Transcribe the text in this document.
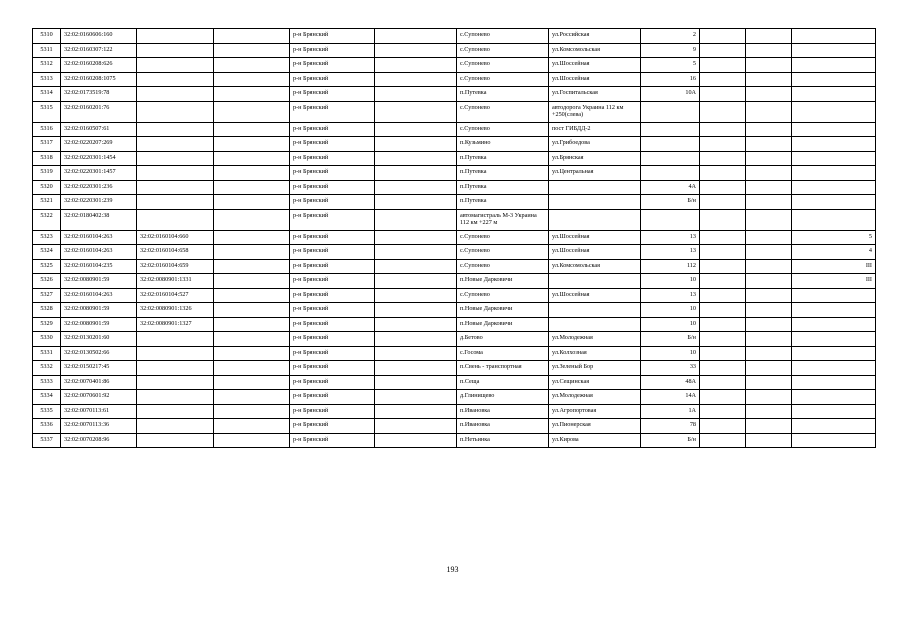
5310	32:02:0160606:160			р-н Брянский		с.Супонево	ул.Российская	2			
5311	32:02:0160307:122			р-н Брянский		с.Супонево	ул.Комсомольская	9			
5312	32:02:0160208:626			р-н Брянский		с.Супонево	ул.Шоссейная	5			
5313	32:02:0160208:1075			р-н Брянский		с.Супонево	ул.Шоссейная	16			
5314	32:02:0173519:78			р-н Брянский		п.Путевка	ул.Госпитальская	10А			
5315	32:02:0160201:76			р-н Брянский		с.Супонево	автодорога Украина 112 км +250(слева)				
5316	32:02:0160507:61			р-н Брянский		с.Супонево	пост ГИБДД-2				
5317	32:02:0220207:269			р-н Брянский		п.Кузьмино	ул.Грибоедова				
5318	32:02:0220301:1454			р-н Брянский		п.Путевка	ул.Брянская				
5319	32:02:0220301:1457			р-н Брянский		п.Путевка	ул.Центральная				
5320	32:02:0220301:236			р-н Брянский		п.Путевка		4А			
5321	32:02:0220301:239			р-н Брянский		п.Путевка		Б/н			
5322	32:02:0180402:38			р-н Брянский		автомагистраль М-3 Украина 112 км +227 м					
5323	32:02:0160104:263	32:02:0160104:660		р-н Брянский		с.Супонево	ул.Шоссейная	13			5
5324	32:02:0160104:263	32:02:0160104:658		р-н Брянский		с.Супонево	ул.Шоссейная	13			4
5325	32:02:0160104:235	32:02:0160104:659		р-н Брянский		с.Супонево	ул.Комсомольская	112			III
5326	32:02:0080901:59	32:02:0080901:1331		р-н Брянский		п.Новые Дарковичи		10			III
5327	32:02:0160104:263	32:02:0160104:527		р-н Брянский		с.Супонево	ул.Шоссейная	13			
5328	32:02:0080901:59	32:02:0080901:1326		р-н Брянский		п.Новые Дарковичи		10			
5329	32:02:0080901:59	32:02:0080901:1327		р-н Брянский		п.Новые Дарковичи		10			
5330	32:02:0130201:60			р-н Брянский		д.Бетово	ул.Молодежная	Б/н			
5331	32:02:0130502:66			р-н Брянский		с.Госома	ул.Колхозная	10			
5332	32:02:0150217:45			р-н Брянский		п.Свень - транспортная	ул.Зеленый Бор	33			
5333	32:02:0070401:86			р-н Брянский		п.Сеща	ул.Сещинская	48А			
5334	32:02:0070601:92			р-н Брянский		д.Глинищево	ул.Молодежная	14А			
5335	32:02:0070113:61			р-н Брянский		п.Ивановка	ул.Агропортовая	1А			
5336	32:02:0070113:36			р-н Брянский		п.Ивановка	ул.Пионерская	78			
5337	32:02:0070208:96			р-н Брянский		п.Нетьинка	ул.Кирова	Б/н			
193
